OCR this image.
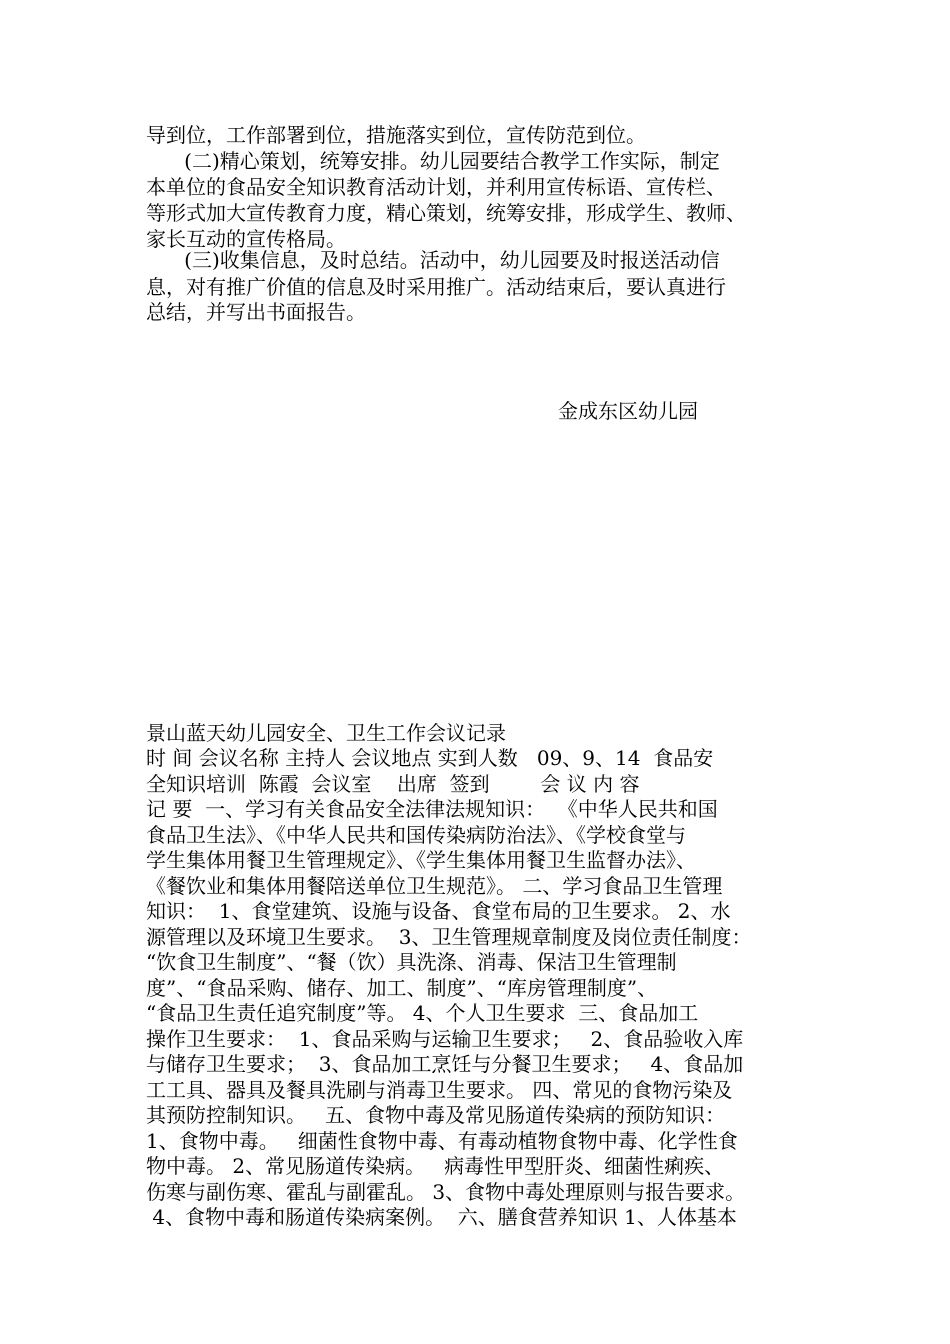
导到位，工作部署到位，措施落实到位，宣传防范到位。
(二)精心策划，统筹安排。幼儿园要结合教学工作实际，制定
本单位的食品安全知识教育活动计划，并利用宣传标语、宣传栏、
等形式加大宣传教育力度，精心策划，统筹安排，形成学生、教师、
家长互动的宣传格局。
(三)收集信息，及时总结。活动中，幼儿园要及时报送活动信
息，对有推广价值的信息及时采用推广。活动结束后，要认真进行
总结，并写出书面报告。
金成东区幼儿园
景山蓝天幼儿园安全、卫生工作会议记录
时 间 会议名称 主持人 会议地点 实到人数   09、9、14  食品安
全知识培训  陈霞  会议室    出席  签到        会 议 内 容
记 要  一、学习有关食品安全法律法规知识：  《中华人民共和国
食品卫生法》、《中华人民共和国传染病防治法》、《学校食堂与
学生集体用餐卫生管理规定》、《学生集体用餐卫生监督办法》、
《餐饮业和集体用餐陪送单位卫生规范》。 二、学习食品卫生管理
知识：  1、食堂建筑、设施与设备、食堂布局的卫生要求。 2、水
源管理以及环境卫生要求。  3、卫生管理规章制度及岗位责任制度：
“饮食卫生制度”、“餐（饮）具洗涤、消毒、保洁卫生管理制
度”、“食品采购、储存、加工、制度”、“库房管理制度”、
“食品卫生责任追究制度”等。 4、个人卫生要求  三、食品加工
操作卫生要求：  1、食品采购与运输卫生要求；   2、食品验收入库
与储存卫生要求；  3、食品加工烹饪与分餐卫生要求；   4、食品加
工工具、器具及餐具洗刷与消毒卫生要求。 四、常见的食物污染及
其预防控制知识。   五、食物中毒及常见肠道传染病的预防知识：
1、食物中毒。   细菌性食物中毒、有毒动植物食物中毒、化学性食
物中毒。 2、常见肠道传染病。   病毒性甲型肝炎、细菌性痢疾、
伤寒与副伤寒、霍乱与副霍乱。 3、食物中毒处理原则与报告要求。
4、食物中毒和肠道传染病案例。  六、膳食营养知识 1、人体基本
